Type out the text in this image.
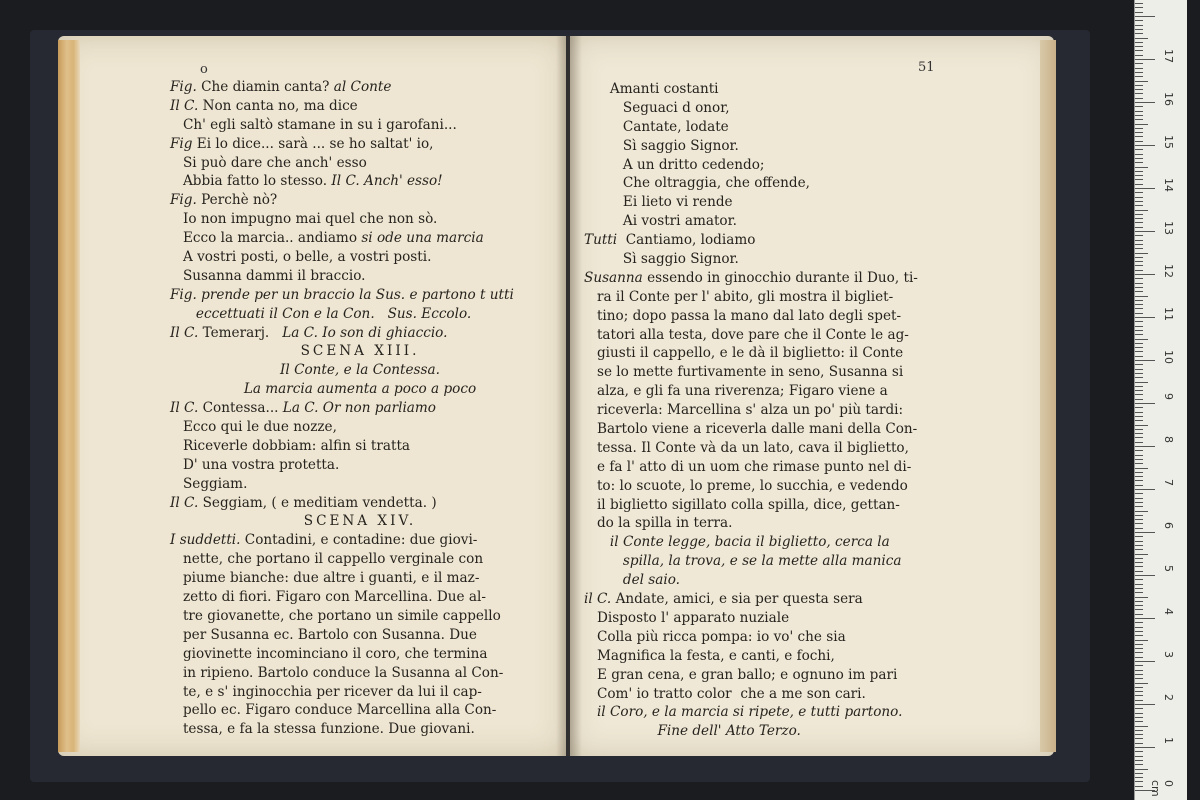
o	51
Fig. Che diamin canta? al Conte
Il C. Non canta no, ma dice
Ch' egli saltò stamane in su i garofani...
Fig Ei lo dice... sarà ... se ho saltat' io,
Si può dare che anch' esso
Abbia fatto lo stesso. Il C. Anch' esso!
Fig. Perchè nò?
Io non impugno mai quel che non sò.
Ecco la marcia.. andiamo si ode una marcia
A vostri posti, o belle, a vostri posti.
Susanna dammi il braccio.
Fig. prende per un braccio la Sus. e partono t utti
eccettuati il Con e la Con.   Sus. Eccolo.
Il C. Temerarj.   La C. Io son di ghiaccio.
SCENA XIII.
Il Conte, e la Contessa.
La marcia aumenta a poco a poco
Il C. Contessa... La C. Or non parliamo
Ecco qui le due nozze,
Riceverle dobbiam: alfin si tratta
D' una vostra protetta.
Seggiam.
Il C. Seggiam, ( e meditiam vendetta. )
SCENA XIV.
I suddetti. Contadini, e contadine: due giovi-
nette, che portano il cappello verginale con
piume bianche: due altre i guanti, e il maz-
zetto di fiori. Figaro con Marcellina. Due al-
tre giovanette, che portano un simile cappello
per Susanna ec. Bartolo con Susanna. Due
giovinette incominciano il coro, che termina
in ripieno. Bartolo conduce la Susanna al Con-
te, e s' inginocchia per ricever da lui il cap-
pello ec. Figaro conduce Marcellina alla Con-
tessa, e fa la stessa funzione. Due giovani.
Amanti costanti
Seguaci d onor,
Cantate, lodate
Sì saggio Signor.
A un dritto cedendo;
Che oltraggia, che offende,
Ei lieto vi rende
Ai vostri amator.
Tutti  Cantiamo, lodiamo
Sì saggio Signor.
Susanna essendo in ginocchio durante il Duo, ti-
ra il Conte per l' abito, gli mostra il bigliet-
tino; dopo passa la mano dal lato degli spet-
tatori alla testa, dove pare che il Conte le ag-
giusti il cappello, e le dà il biglietto: il Conte
se lo mette furtivamente in seno, Susanna si
alza, e gli fa una riverenza; Figaro viene a
riceverla: Marcellina s' alza un po' più tardi:
Bartolo viene a riceverla dalle mani della Con-
tessa. Il Conte và da un lato, cava il biglietto,
e fa l' atto di un uom che rimase punto nel di-
to: lo scuote, lo preme, lo succhia, e vedendo
il biglietto sigillato colla spilla, dice, gettan-
do la spilla in terra.
il Conte legge, bacia il biglietto, cerca la
spilla, la trova, e se la mette alla manica
del saio.
il C. Andate, amici, e sia per questa sera
Disposto l' apparato nuziale
Colla più ricca pompa: io vo' che sia
Magnifica la festa, e canti, e fochi,
E gran cena, e gran ballo; e ognuno im pari
Com' io tratto color  che a me son cari.
il Coro, e la marcia si ripete, e tutti partono.
Fine dell' Atto Terzo.
17
16
15
14
13
12
11
10
9
8
7
6
5
4
3
2
1
0 cm
